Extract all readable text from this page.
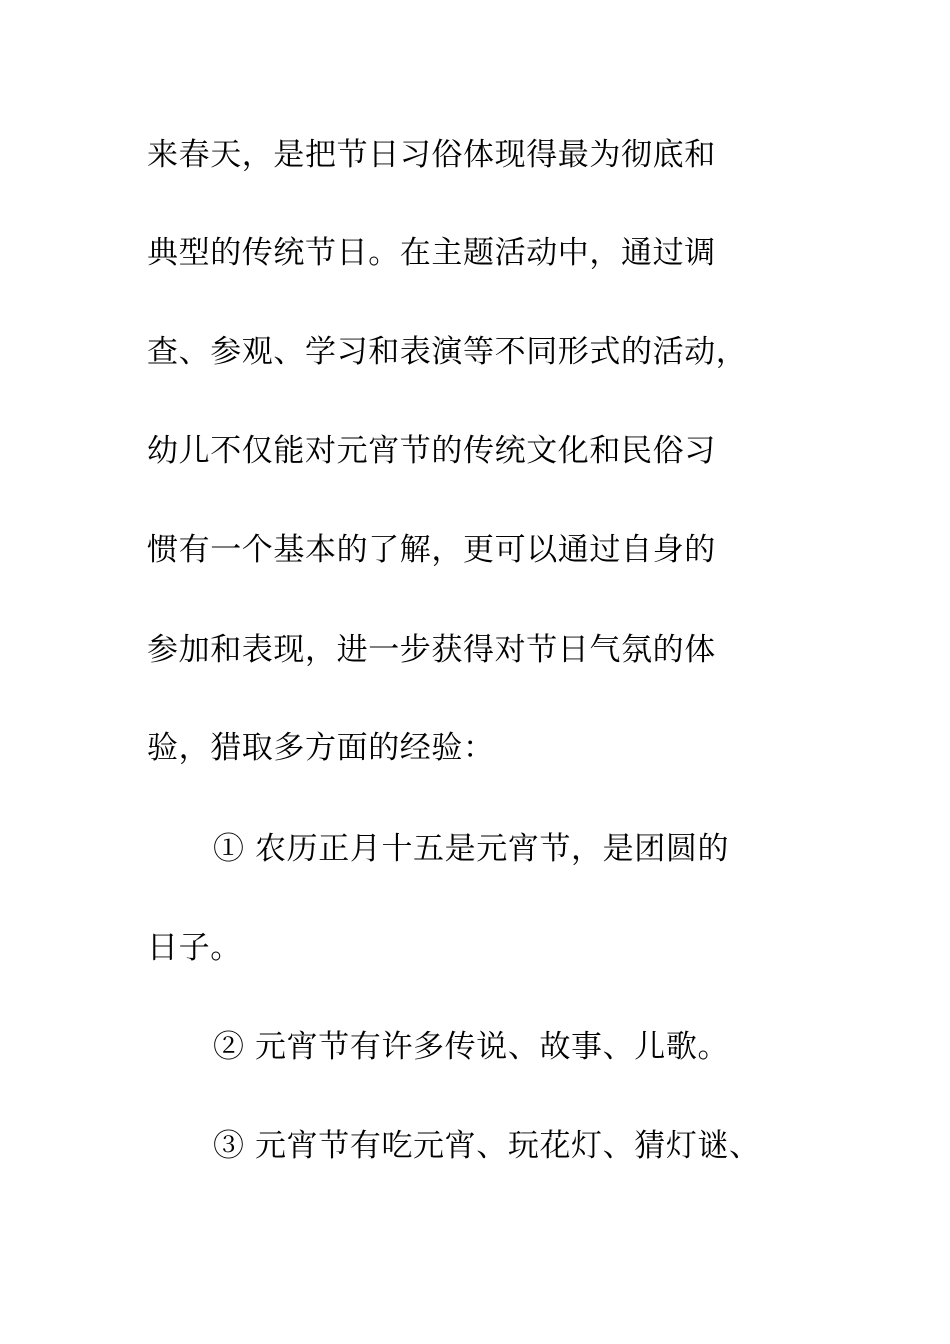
来春天，是把节日习俗体现得最为彻底和

典型的传统节日。在主题活动中，通过调

查、参观、学习和表演等不同形式的活动，

幼儿不仅能对元宵节的传统文化和民俗习

惯有一个基本的了解，更可以通过自身的

参加和表现，进一步获得对节日气氛的体

验，猎取多方面的经验：

① 农历正月十五是元宵节，是团圆的

日子。

② 元宵节有许多传说、故事、儿歌。

③ 元宵节有吃元宵、玩花灯、猜灯谜、
